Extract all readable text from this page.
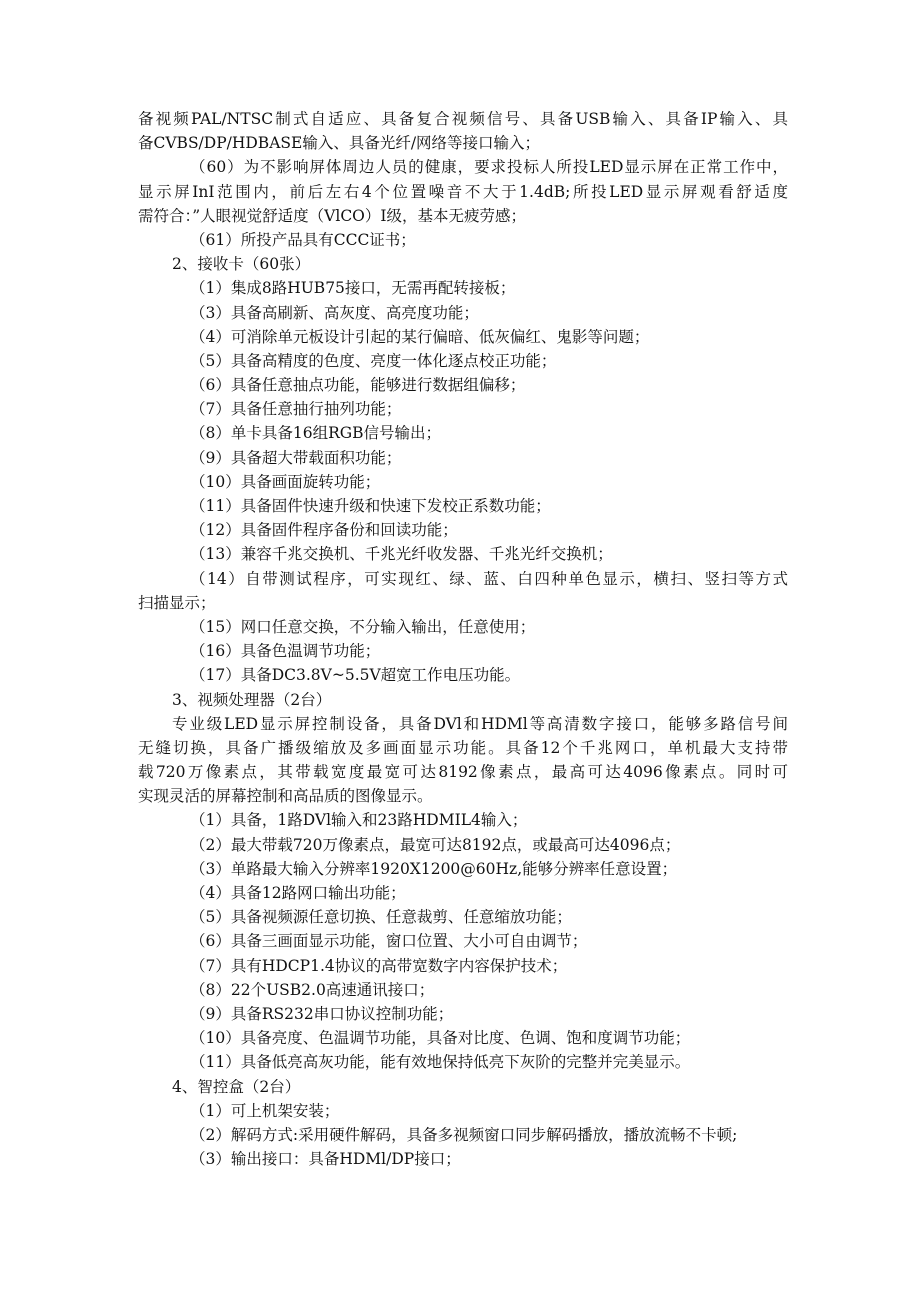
备视频PAL/NTSC制式自适应、具备复合视频信号、具备USB输入、具备IP输入、具
备CVBS/DP/HDBASE输入、具备光纤/网络等接口输入；
（60）为不影响屏体周边人员的健康，要求投标人所投LED显示屏在正常工作中，
显示屏InI范围内，前后左右4个位置噪音不大于1.4dB;所投LED显示屏观看舒适度
需符合：”人眼视觉舒适度（VlCO）I级，基本无疲劳感；
（61）所投产品具有CCC证书；
2、接收卡（60张）
（1）集成8路HUB75接口，无需再配转接板；
（3）具备高刷新、高灰度、高亮度功能；
（4）可消除单元板设计引起的某行偏暗、低灰偏红、鬼影等问题；
（5）具备高精度的色度、亮度一体化逐点校正功能；
（6）具备任意抽点功能，能够进行数据组偏移；
（7）具备任意抽行抽列功能；
（8）单卡具备16组RGB信号输出；
（9）具备超大带载面积功能；
（10）具备画面旋转功能；
（11）具备固件快速升级和快速下发校正系数功能；
（12）具备固件程序备份和回读功能；
（13）兼容千兆交换机、千兆光纤收发器、千兆光纤交换机；
（14）自带测试程序，可实现红、绿、蓝、白四种单色显示，横扫、竖扫等方式
扫描显示；
（15）网口任意交换，不分输入输出，任意使用；
（16）具备色温调节功能；
（17）具备DC3.8V~5.5V超宽工作电压功能。
3、视频处理器（2台）
专业级LED显示屏控制设备，具备DVl和HDMl等高清数字接口，能够多路信号间
无缝切换，具备广播级缩放及多画面显示功能。具备12个千兆网口，单机最大支持带
载720万像素点，其带载宽度最宽可达8192像素点，最高可达4096像素点。同时可
实现灵活的屏幕控制和高品质的图像显示。
（1）具备，1路DVl输入和23路HDMIL4输入；
（2）最大带载720万像素点，最宽可达8192点，或最高可达4096点；
（3）单路最大输入分辨率1920X1200@60Hz,能够分辨率任意设置；
（4）具备12路网口输出功能；
（5）具备视频源任意切换、任意裁剪、任意缩放功能；
（6）具备三画面显示功能，窗口位置、大小可自由调节；
（7）具有HDCP1.4协议的高带宽数字内容保护技术；
（8）22个USB2.0高速通讯接口；
（9）具备RS232串口协议控制功能；
（10）具备亮度、色温调节功能，具备对比度、色调、饱和度调节功能；
（11）具备低亮高灰功能，能有效地保持低亮下灰阶的完整并完美显示。
4、智控盒（2台）
（1）可上机架安装；
（2）解码方式:采用硬件解码，具备多视频窗口同步解码播放，播放流畅不卡顿;
（3）输出接口：具备HDMl/DP接口；
